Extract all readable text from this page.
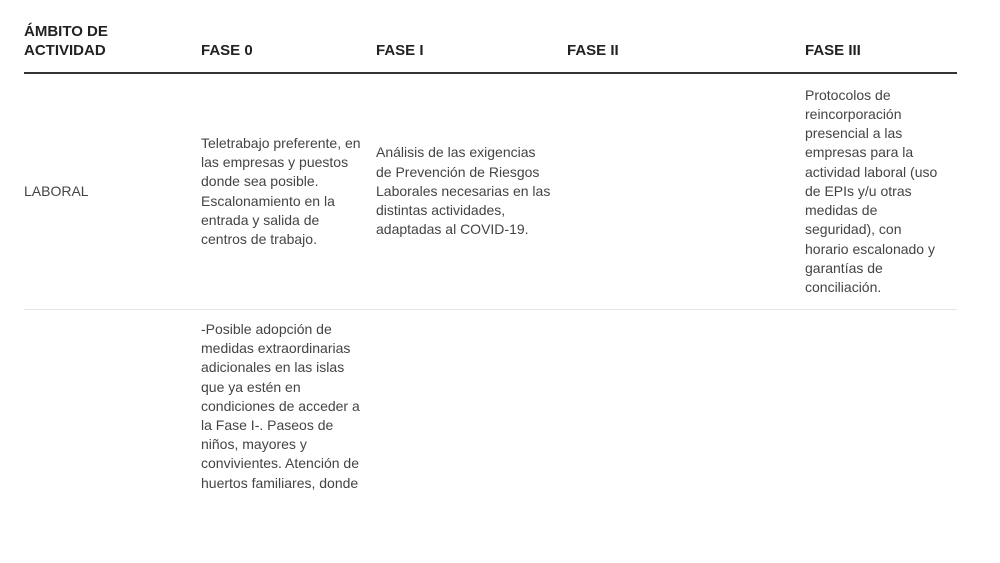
ÁMBITO DE
ACTIVIDAD	FASE 0	FASE I	FASE II	FASE III

LABORAL	Teletrabajo preferente, en las empresas y puestos donde sea posible. Escalonamiento en la entrada y salida de centros de trabajo.	Análisis de las exigencias de Prevención de Riesgos Laborales necesarias en las distintas actividades, adaptadas al COVID-19.		Protocolos de reincorporación presencial a las empresas para la actividad laboral (uso de EPIs y/u otras medidas de seguridad), con horario escalonado y garantías de conciliación.

	-Posible adopción de medidas extraordinarias adicionales en las islas que ya estén en condiciones de acceder a la Fase I-. Paseos de niños, mayores y convivientes. Atención de huertos familiares, donde			
